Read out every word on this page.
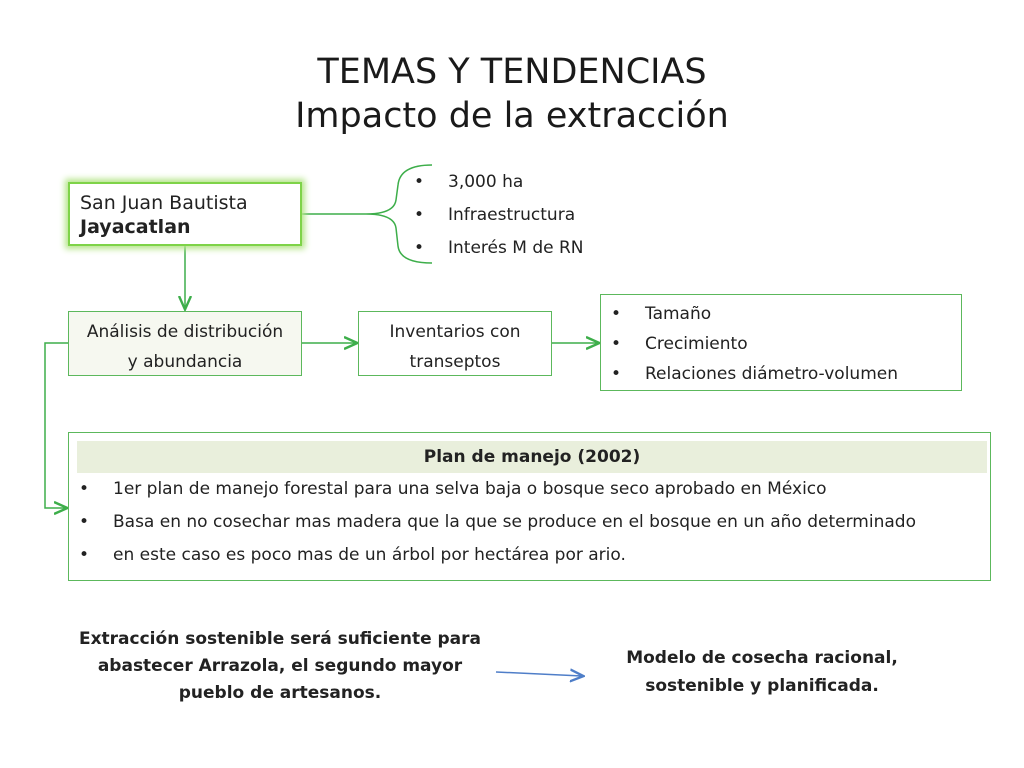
TEMAS Y TENDENCIAS
Impacto de la extracción
San Juan Bautista
Jayacatlan
• 3,000 ha
• Infraestructura
• Interés M de RN
Análisis de distribución
y abundancia
Inventarios con
transeptos
• Tamaño
• Crecimiento
• Relaciones diámetro-volumen
Plan de manejo (2002)
• 1er plan de manejo forestal para una selva baja o bosque seco aprobado en México
• Basa en no cosechar mas madera que la que se produce en el bosque en un año determinado
• en este caso es poco mas de un árbol por hectárea por ario.
Extracción sostenible será suficiente para
abastecer Arrazola, el segundo mayor
pueblo de artesanos.
Modelo de cosecha racional,
sostenible y planificada.
